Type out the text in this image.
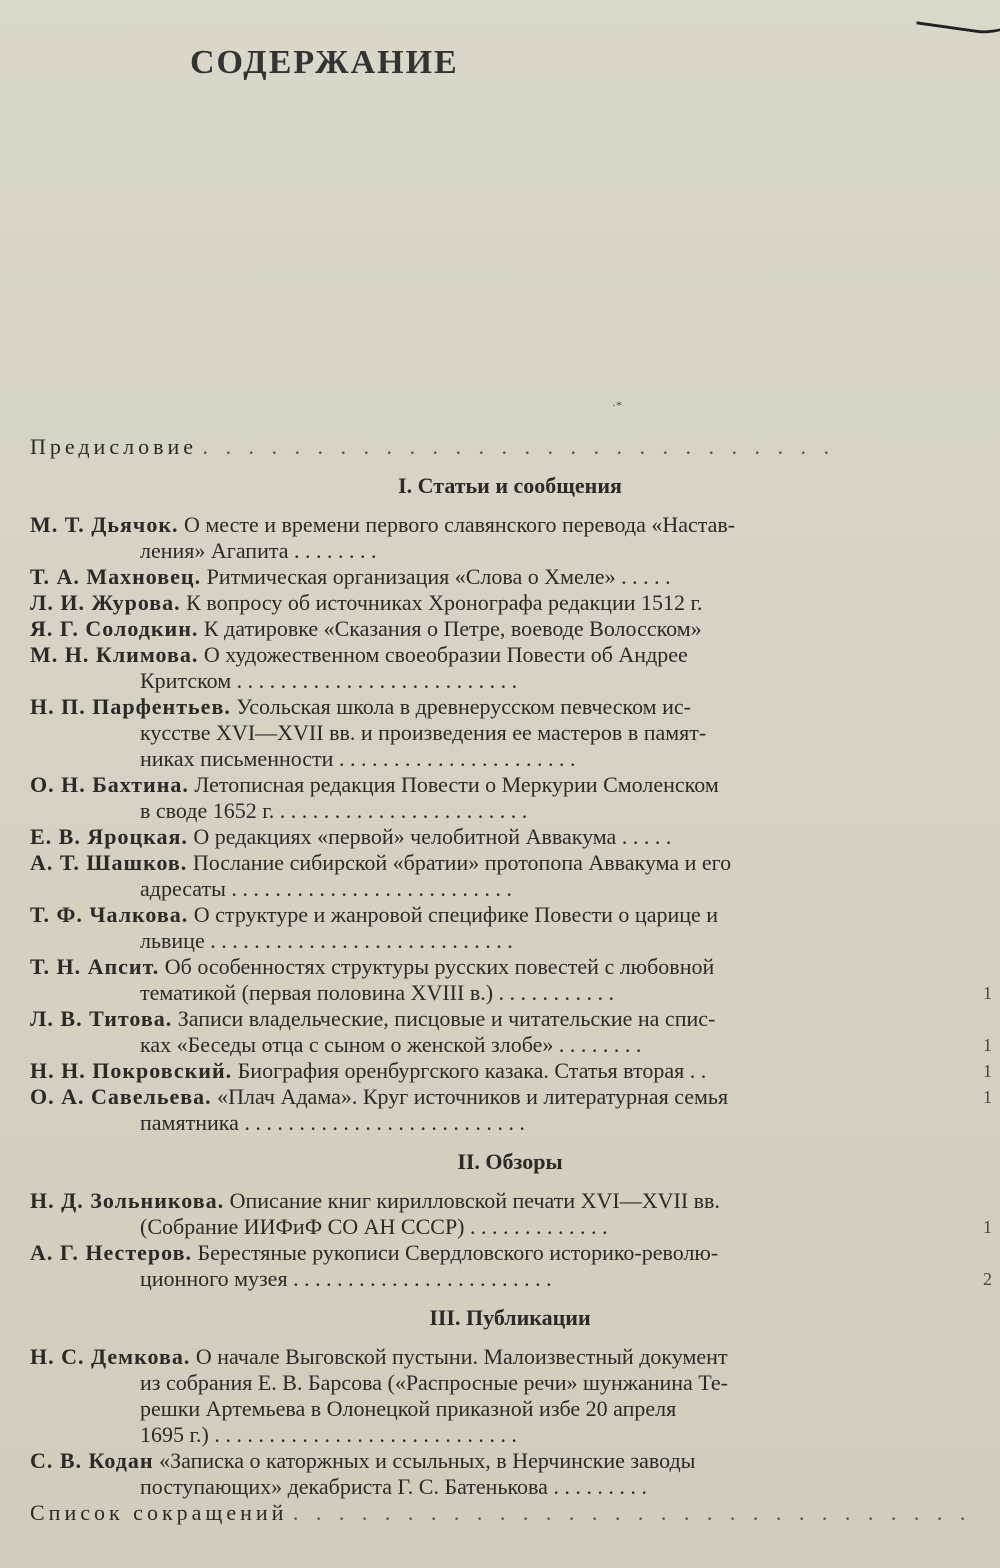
СОДЕРЖАНИЕ
·*
Предисловие . . . . . . . . . . . . . . . . . . . . . . . . . . . .
I. Статьи и сообщения
М. Т. Дьячок. О месте и времени первого славянского перевода «Настав-
ления» Агапита . . . . . . . .
Т. А. Махновец. Ритмическая организация «Слова о Хмеле» . . . . .
Л. И. Журова. К вопросу об источниках Хронографа редакции 1512 г.
Я. Г. Солодкин. К датировке «Сказания о Петре, воеводе Волосском»
М. Н. Климова. О художественном своеобразии Повести об Андрее
Критском . . . . . . . . . . . . . . . . . . . . . . . . . .
Н. П. Парфентьев. Усольская школа в древнерусском певческом ис-
кусстве XVI—XVII вв. и произведения ее мастеров в памят-
никах письменности . . . . . . . . . . . . . . . . . . . . . .
О. Н. Бахтина. Летописная редакция Повести о Меркурии Смоленском
в своде 1652 г. . . . . . . . . . . . . . . . . . . . . . . .
Е. В. Яроцкая. О редакциях «первой» челобитной Аввакума . . . . .
А. Т. Шашков. Послание сибирской «братии» протопопа Аввакума и его
адресаты . . . . . . . . . . . . . . . . . . . . . . . . . .
Т. Ф. Чалкова. О структуре и жанровой специфике Повести о царице и
львице . . . . . . . . . . . . . . . . . . . . . . . . . . . .
Т. Н. Апсит. Об особенностях структуры русских повестей с любовной
тематикой (первая половина XVIII в.) . . . . . . . . . . .	1
Л. В. Титова. Записи владельческие, писцовые и читательские на спис-
ках «Беседы отца с сыном о женской злобе» . . . . . . . .	1
Н. Н. Покровский. Биография оренбургского казака. Статья вторая . .	1
О. А. Савельева. «Плач Адама». Круг источников и литературная семья	1
памятника . . . . . . . . . . . . . . . . . . . . . . . . . .
II. Обзоры
Н. Д. Зольникова. Описание книг кирилловской печати XVI—XVII вв.
(Собрание ИИФиФ СО АН СССР) . . . . . . . . . . . . .	1
А. Г. Нестеров. Берестяные рукописи Свердловского историко-револю-
ционного музея . . . . . . . . . . . . . . . . . . . . . . . .	2
III. Публикации
Н. С. Демкова. О начале Выговской пустыни. Малоизвестный документ
из собрания Е. В. Барсова («Распросные речи» шунжанина Те-
решки Артемьева в Олонецкой приказной избе 20 апреля
1695 г.) . . . . . . . . . . . . . . . . . . . . . . . . . . . .
С. В. Кодан «Записка о каторжных и ссыльных, в Нерчинские заводы
поступающих» декабриста Г. С. Батенькова . . . . . . . . .
Список сокращений . . . . . . . . . . . . . . . . . . . . . . . . . . . . . .
